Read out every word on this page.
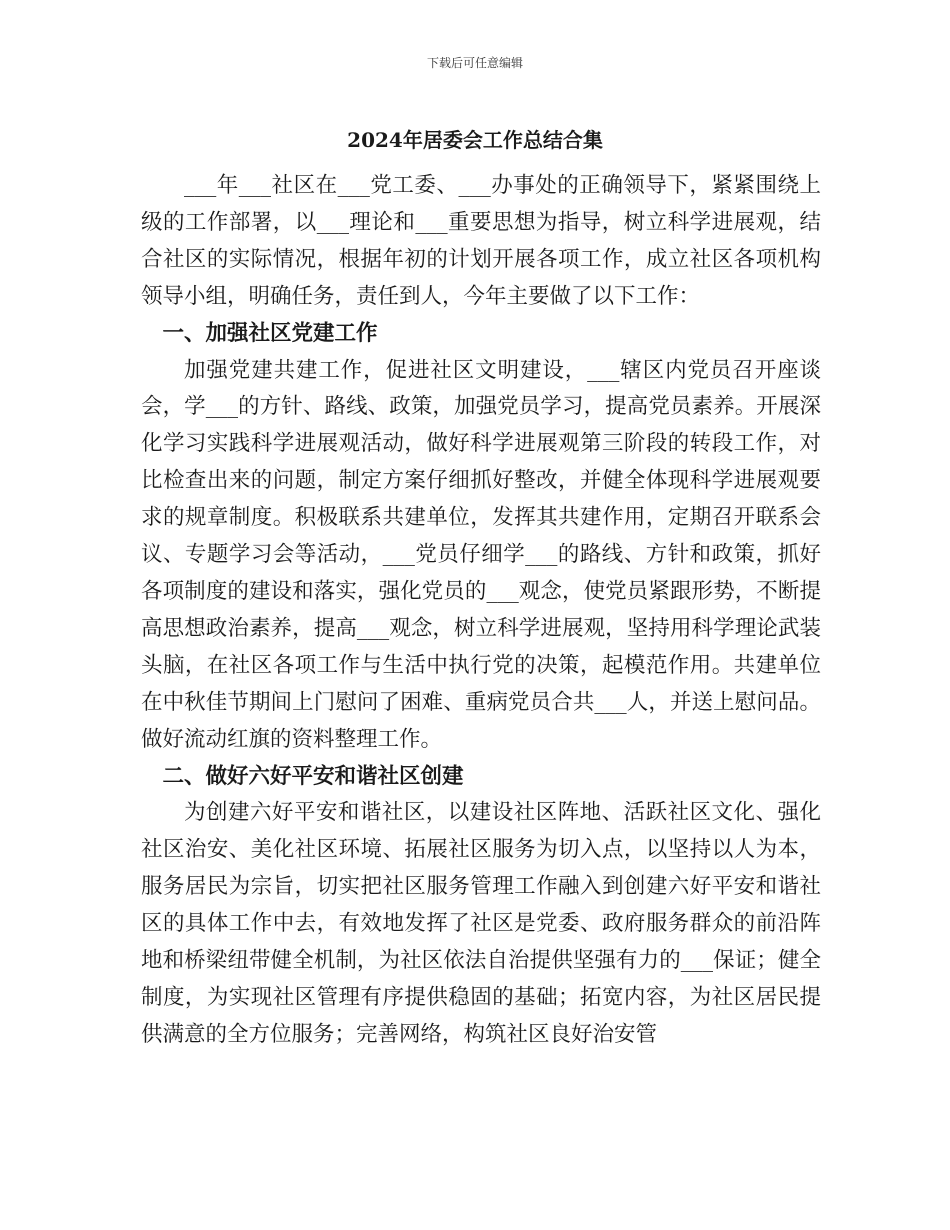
下载后可任意编辑
2024年居委会工作总结合集

___年___社区在___党工委、___办事处的正确领导下，紧紧围绕上级的工作部署，以___理论和___重要思想为指导，树立科学进展观，结合社区的实际情况，根据年初的计划开展各项工作，成立社区各项机构领导小组，明确任务，责任到人，今年主要做了以下工作：

一、加强社区党建工作

加强党建共建工作，促进社区文明建设，___辖区内党员召开座谈会，学___的方针、路线、政策，加强党员学习，提高党员素养。开展深化学习实践科学进展观活动，做好科学进展观第三阶段的转段工作，对比检查出来的问题，制定方案仔细抓好整改，并健全体现科学进展观要求的规章制度。积极联系共建单位，发挥其共建作用，定期召开联系会议、专题学习会等活动，___党员仔细学___的路线、方针和政策，抓好各项制度的建设和落实，强化党员的___观念，使党员紧跟形势，不断提高思想政治素养，提高___观念，树立科学进展观，坚持用科学理论武装头脑，在社区各项工作与生活中执行党的决策，起模范作用。共建单位在中秋佳节期间上门慰问了困难、重病党员合共___人，并送上慰问品。做好流动红旗的资料整理工作。

二、做好六好平安和谐社区创建

为创建六好平安和谐社区，以建设社区阵地、活跃社区文化、强化社区治安、美化社区环境、拓展社区服务为切入点，以坚持以人为本，服务居民为宗旨，切实把社区服务管理工作融入到创建六好平安和谐社区的具体工作中去，有效地发挥了社区是党委、政府服务群众的前沿阵地和桥梁纽带健全机制，为社区依法自治提供坚强有力的___保证；健全制度，为实现社区管理有序提供稳固的基础；拓宽内容，为社区居民提供满意的全方位服务；完善网络，构筑社区良好治安管
